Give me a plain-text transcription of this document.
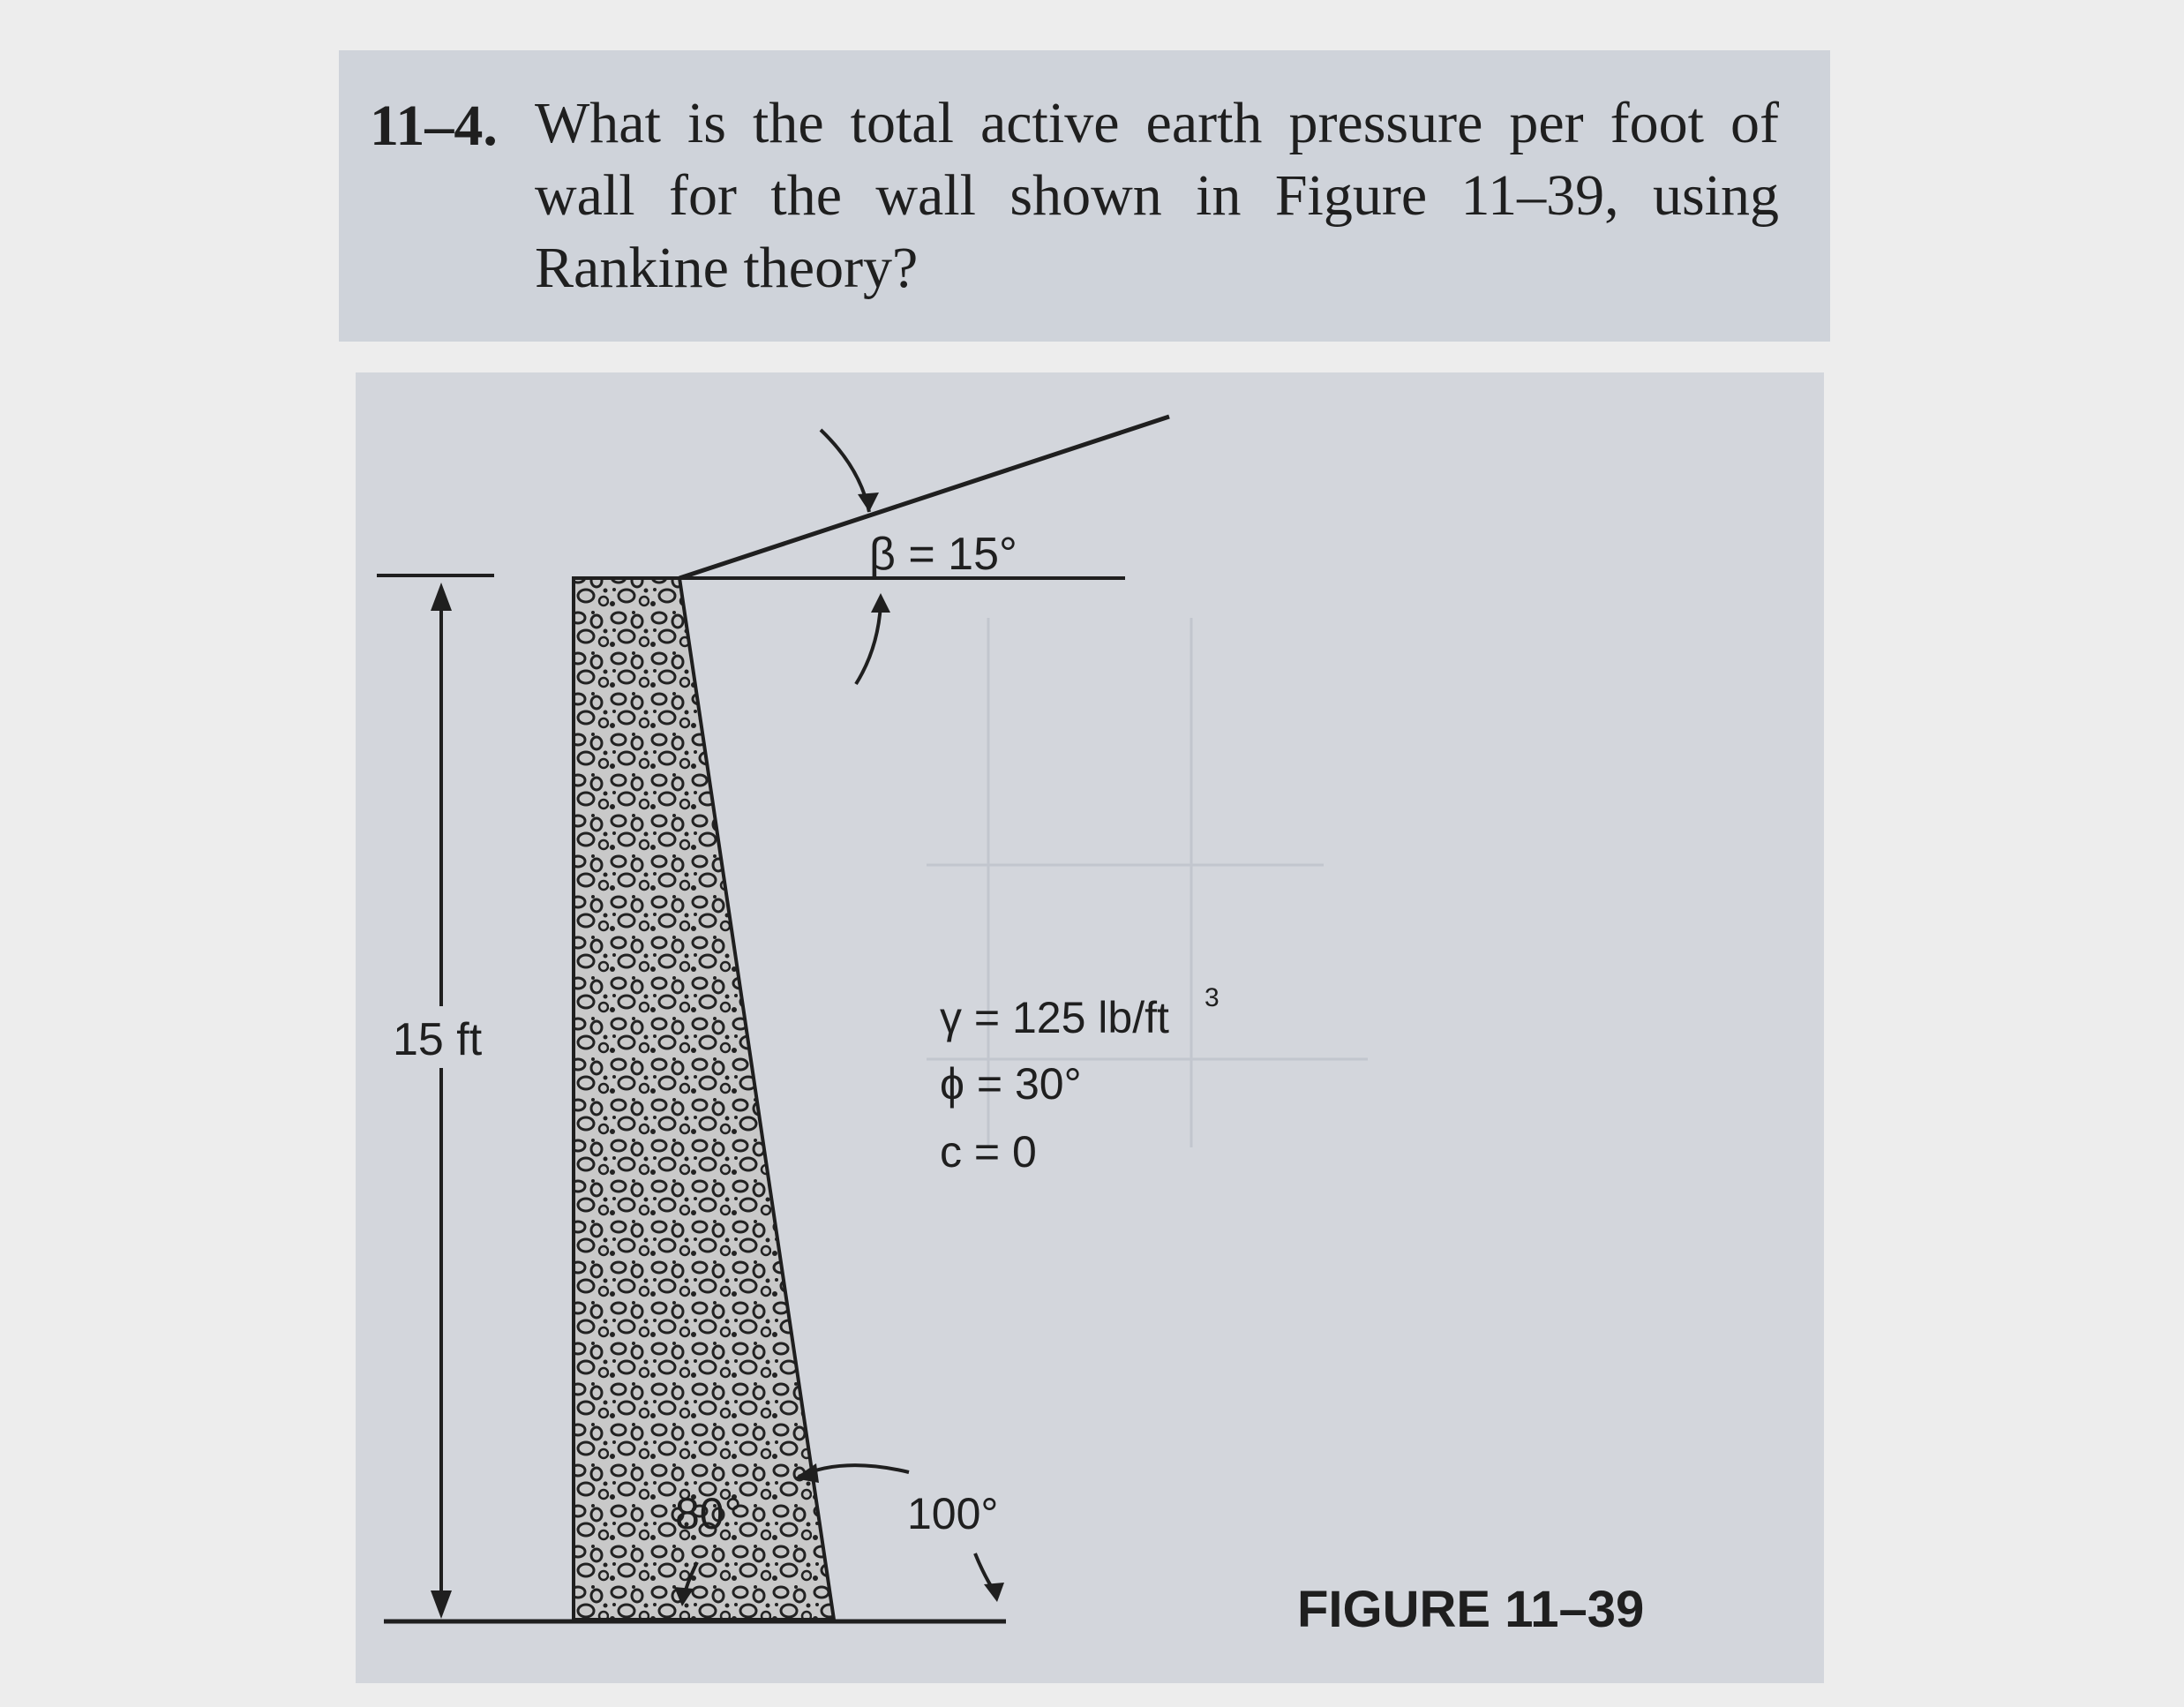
11–4. What is the total active earth pressure per foot of wall for the wall shown in Figure 11–39, using Rankine theory?
β = 15°
15 ft	γ = 125 lb/ft 3
ϕ = 30°
c = 0
80°	100°
FIGURE 11–39
